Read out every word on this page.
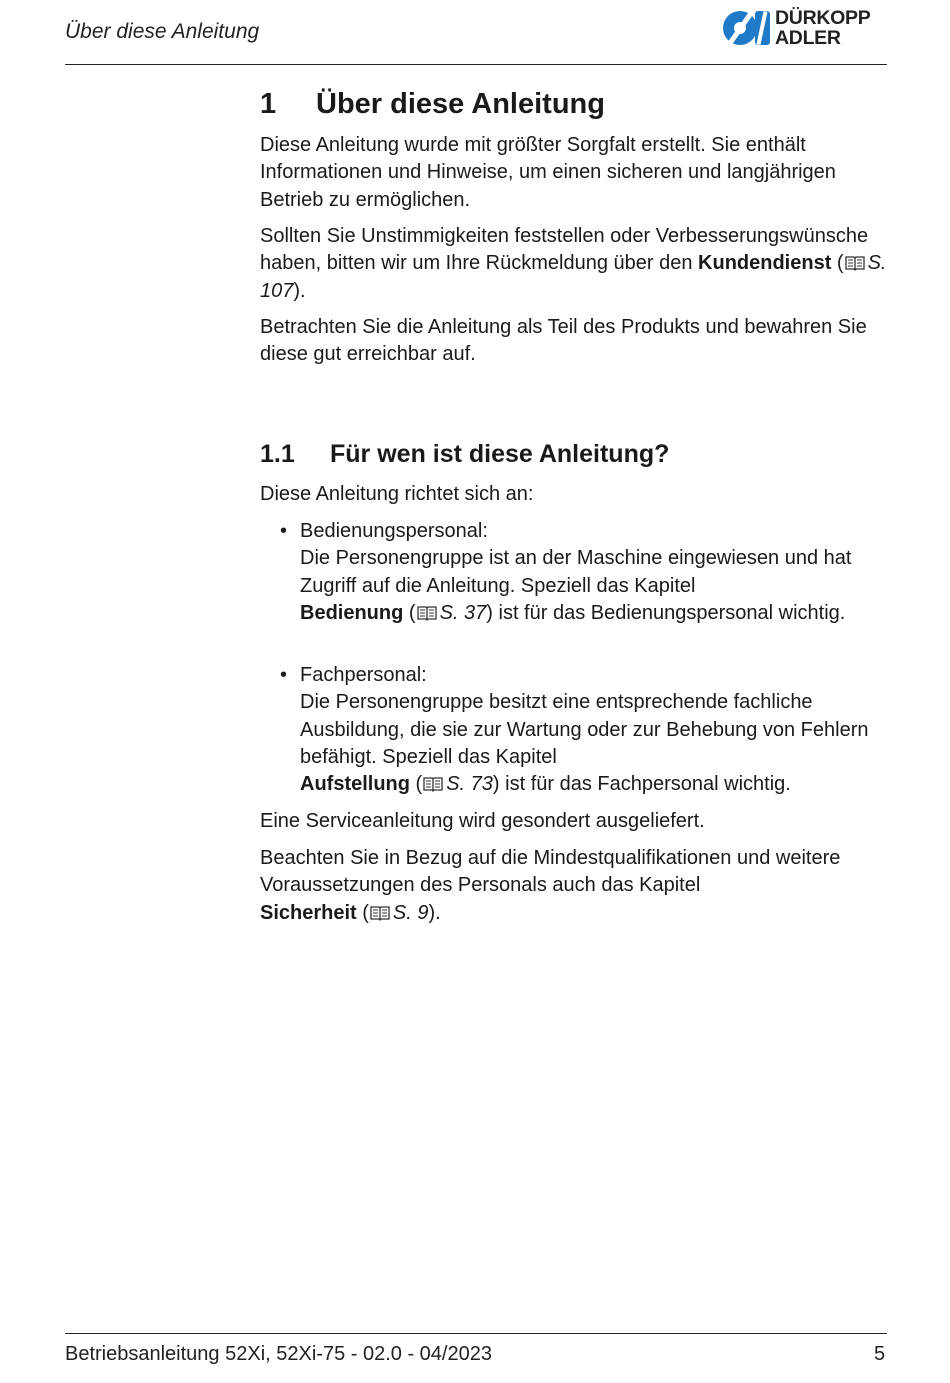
Über diese Anleitung
DÜRKOPP
ADLER
1 Über diese Anleitung

Diese Anleitung wurde mit größter Sorgfalt erstellt. Sie enthält Informationen und Hinweise, um einen sicheren und langjährigen Betrieb zu ermöglichen.

Sollten Sie Unstimmigkeiten feststellen oder Verbesserungswünsche haben, bitten wir um Ihre Rückmeldung über den Kundendienst ( S. 107).

Betrachten Sie die Anleitung als Teil des Produkts und bewahren Sie diese gut erreichbar auf.

1.1 Für wen ist diese Anleitung?

Diese Anleitung richtet sich an:

• Bedienungspersonal:
Die Personengruppe ist an der Maschine eingewiesen und hat Zugriff auf die Anleitung. Speziell das Kapitel
Bedienung ( S. 37) ist für das Bedienungspersonal wichtig.
• Fachpersonal:
Die Personengruppe besitzt eine entsprechende fachliche Ausbildung, die sie zur Wartung oder zur Behebung von Fehlern befähigt. Speziell das Kapitel
Aufstellung ( S. 73) ist für das Fachpersonal wichtig.

Eine Serviceanleitung wird gesondert ausgeliefert.

Beachten Sie in Bezug auf die Mindestqualifikationen und weitere Voraussetzungen des Personals auch das Kapitel
Sicherheit ( S. 9).

Betriebsanleitung 52Xi, 52Xi-75 - 02.0 - 04/2023	5
